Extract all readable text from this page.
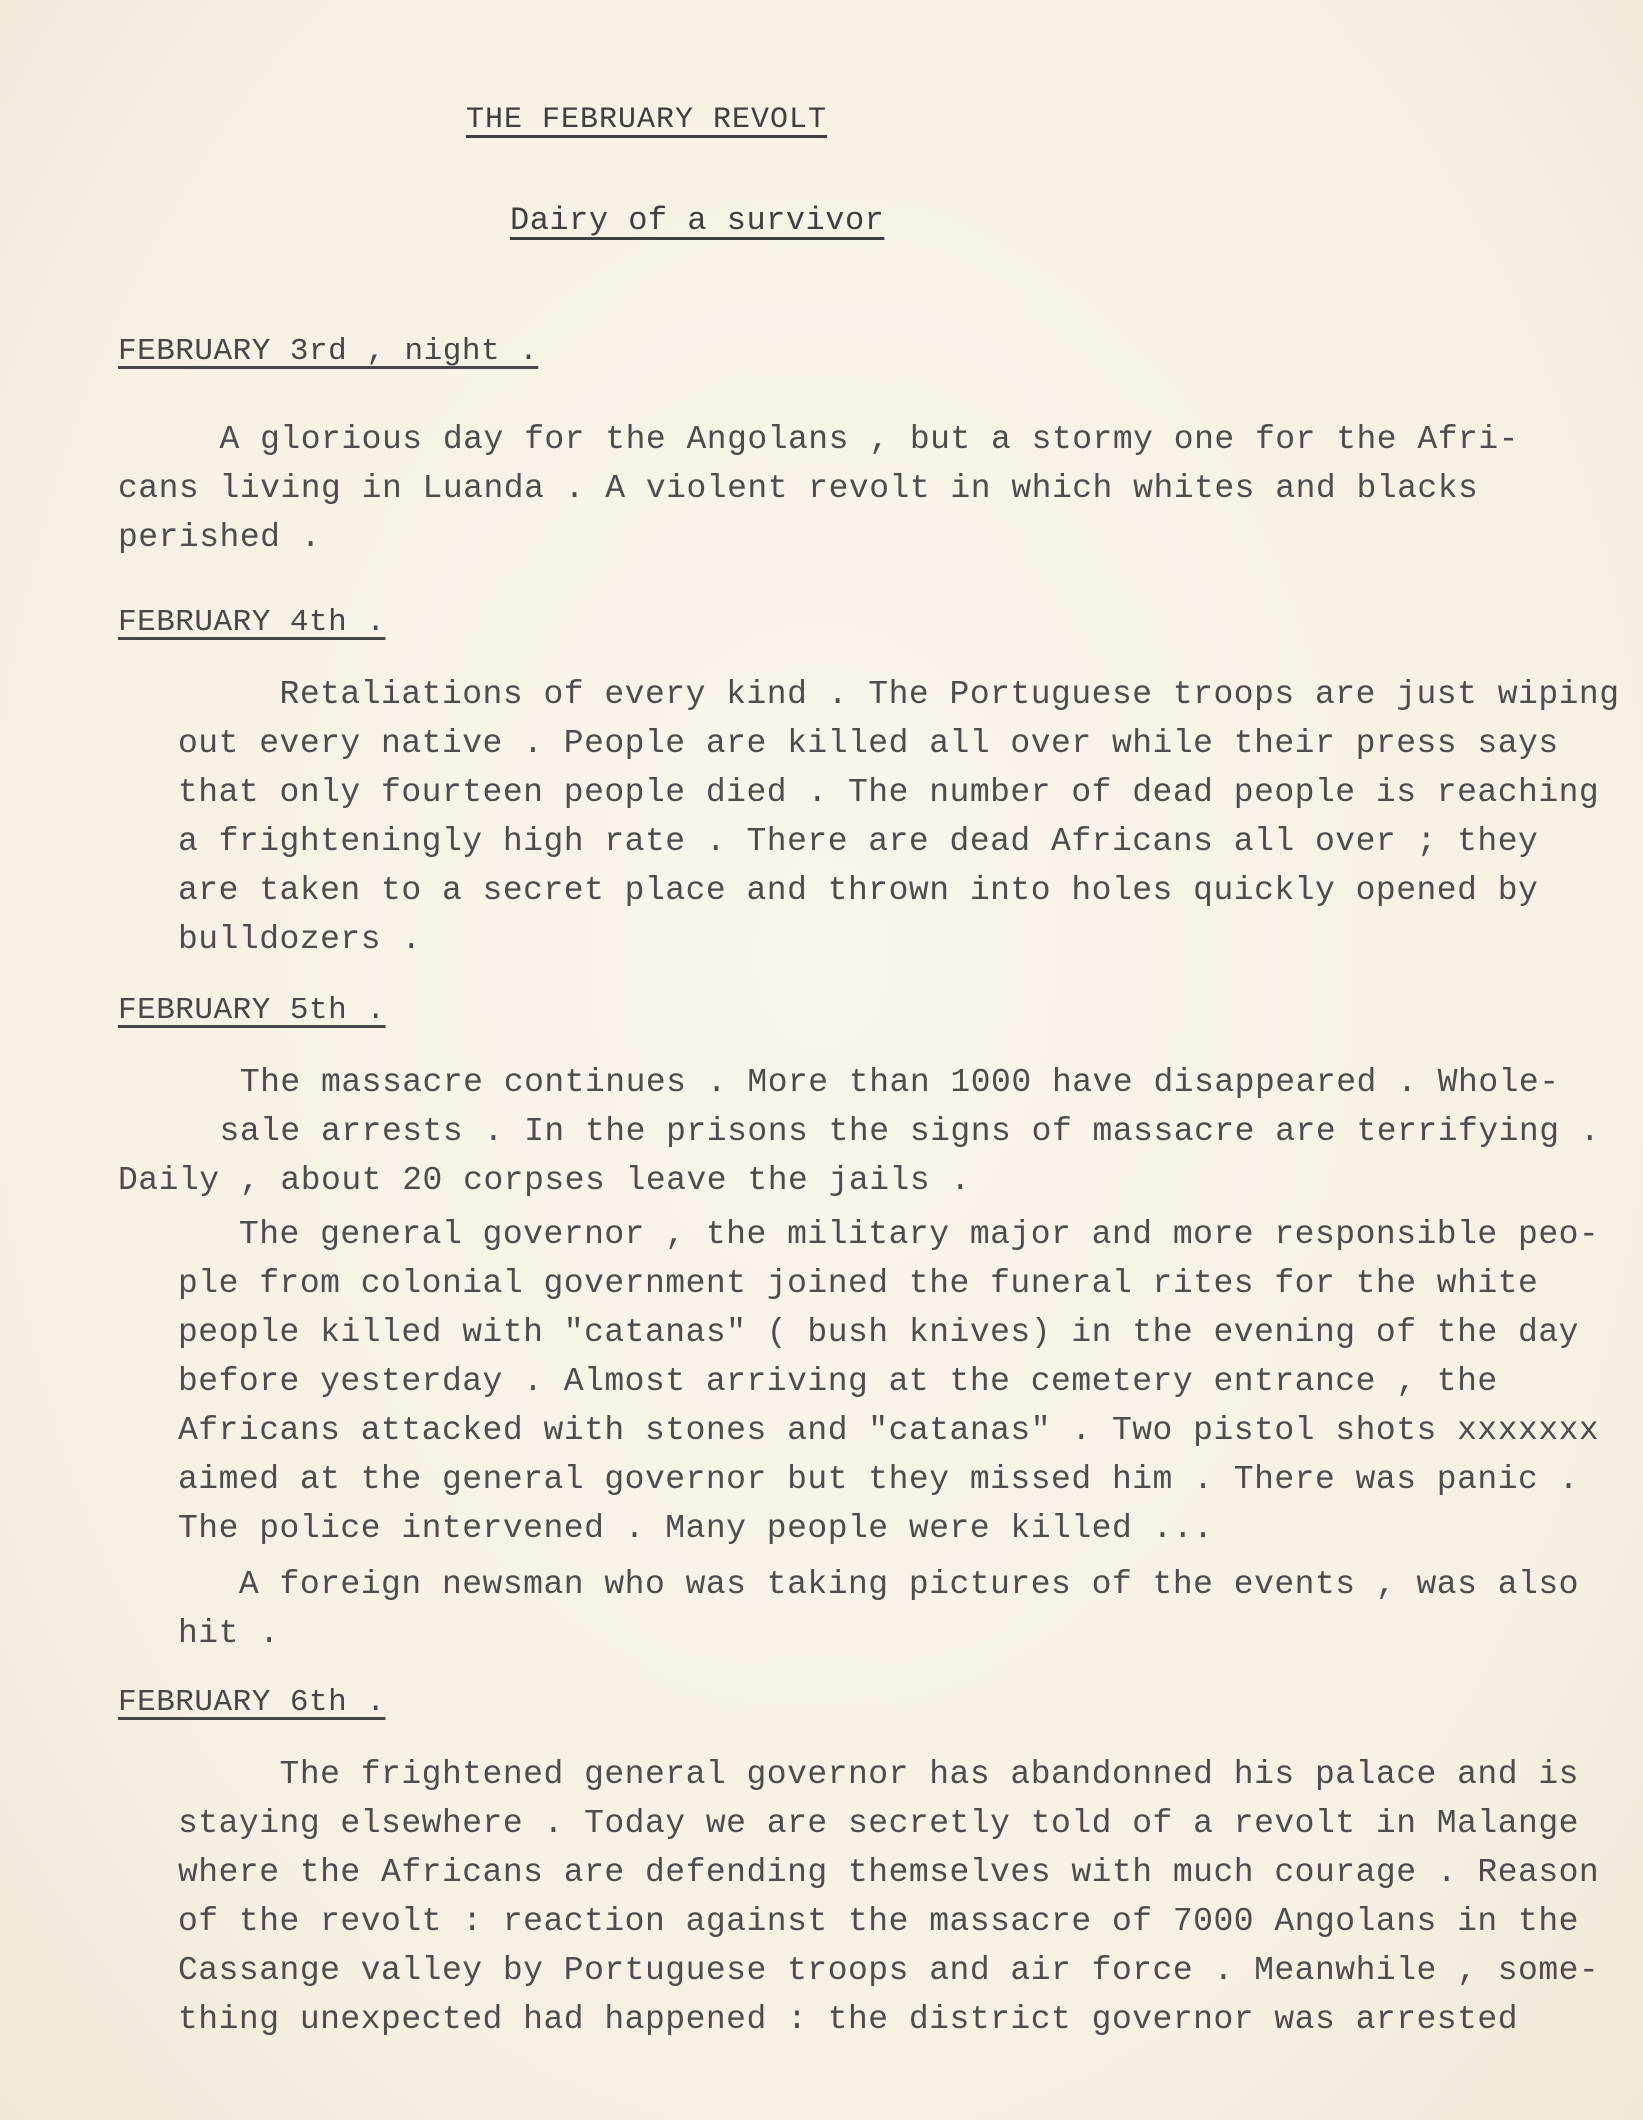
THE FEBRUARY REVOLT
Dairy of a survivor
FEBRUARY 3rd , night .

A glorious day for the Angolans , but a stormy one for the Afri-
cans living in Luanda . A violent revolt in which whites and blacks
perished .

FEBRUARY 4th .

Retaliations of every kind . The Portuguese troops are just wiping
out every native . People are killed all over while their press says
that only fourteen people died . The number of dead people is reaching
a frighteningly high rate . There are dead Africans all over ; they
are taken to a secret place and thrown into holes quickly opened by
bulldozers .

FEBRUARY 5th .

The massacre continues . More than 1000 have disappeared . Whole-
sale arrests . In the prisons the signs of massacre are terrifying .
Daily , about 20 corpses leave the jails .

The general governor , the military major and more responsible peo-
ple from colonial government joined the funeral rites for the white
people killed with "catanas" ( bush knives) in the evening of the day
before yesterday . Almost arriving at the cemetery entrance , the
Africans attacked with stones and "catanas" . Two pistol shots xxxxxxx
aimed at the general governor but they missed him . There was panic .
The police intervened . Many people were killed ...

A foreign newsman who was taking pictures of the events , was also
hit .

FEBRUARY 6th .

The frightened general governor has abandonned his palace and is
staying elsewhere . Today we are secretly told of a revolt in Malange
where the Africans are defending themselves with much courage . Reason
of the revolt : reaction against the massacre of 7000 Angolans in the
Cassange valley by Portuguese troops and air force . Meanwhile , some-
thing unexpected had happened : the district governor was arrested
